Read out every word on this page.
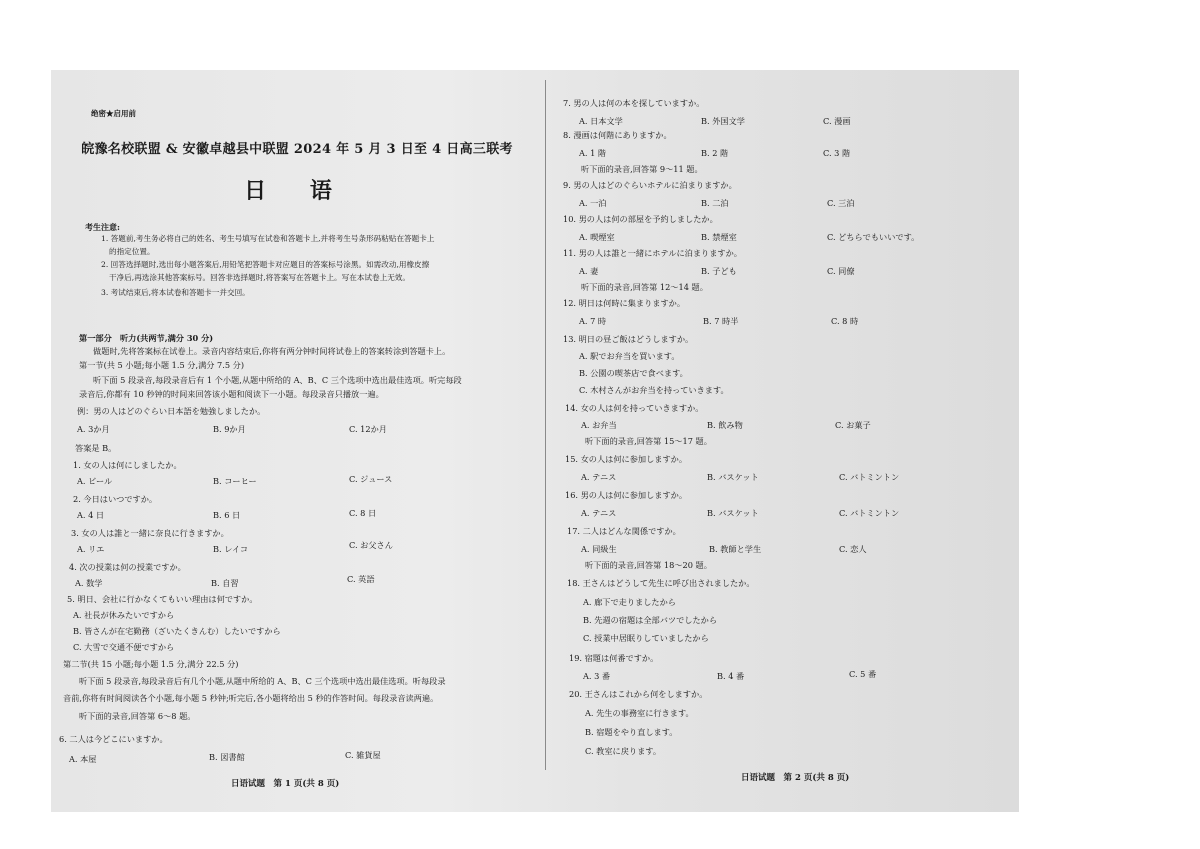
绝密★启用前
皖豫名校联盟 & 安徽卓越县中联盟 2024 年 5 月 3 日至 4 日高三联考
日 语
考生注意:
1. 答题前,考生务必将自己的姓名、考生号填写在试卷和答题卡上,并将考生号条形码粘贴在答题卡上
的指定位置。
2. 回答选择题时,选出每小题答案后,用铅笔把答题卡对应题目的答案标号涂黑。如需改动,用橡皮擦
干净后,再选涂其他答案标号。回答非选择题时,将答案写在答题卡上。写在本试卷上无效。
3. 考试结束后,将本试卷和答题卡一并交回。
第一部分　听力(共两节,满分 30 分)
做题时,先将答案标在试卷上。录音内容结束后,你将有两分钟时间将试卷上的答案转涂到答题卡上。
第一节(共 5 小题;每小题 1.5 分,满分 7.5 分)
听下面 5 段录音,每段录音后有 1 个小题,从题中所给的 A、B、C 三个选项中选出最佳选项。听完每段
录音后,你都有 10 秒钟的时间来回答该小题和阅读下一小题。每段录音只播放一遍。
例：男の人はどのぐらい日本語を勉強しましたか。
A. 3か月	B. 9か月	C. 12か月
答案是 B。
1. 女の人は何にしましたか。
A. ビール	B. コーヒー	C. ジュース
2. 今日はいつですか。
A. 4 日	B. 6 日	C. 8 日
3. 女の人は誰と一緒に奈良に行きますか。
A. リエ	B. レイコ	C. お父さん
4. 次の授業は何の授業ですか。
A. 数学	B. 自習	C. 英語
5. 明日、会社に行かなくてもいい理由は何ですか。
A. 社長が休みたいですから
B. 皆さんが在宅勤務（ざいたくきんむ）したいですから
C. 大雪で交通不便ですから
第二节(共 15 小题;每小题 1.5 分,满分 22.5 分)
听下面 5 段录音,每段录音后有几个小题,从题中所给的 A、B、C 三个选项中选出最佳选项。听每段录
音前,你将有时间阅读各个小题,每小题 5 秒钟;听完后,各小题将给出 5 秒的作答时间。每段录音读两遍。
听下面的录音,回答第 6～8 题。
6. 二人は今どこにいますか。
A. 本屋	B. 図書館	C. 雑貨屋
日语试题　第 1 页(共 8 页)
7. 男の人は何の本を探していますか。
A. 日本文学	B. 外国文学	C. 漫画
8. 漫画は何階にありますか。
A. 1 階	B. 2 階	C. 3 階
听下面的录音,回答第 9～11 题。
9. 男の人はどのぐらいホテルに泊まりますか。
A. 一泊	B. 二泊	C. 三泊
10. 男の人は何の部屋を予約しましたか。
A. 喫煙室	B. 禁煙室	C. どちらでもいいです。
11. 男の人は誰と一緒にホテルに泊まりますか。
A. 妻	B. 子ども	C. 同僚
听下面的录音,回答第 12～14 题。
12. 明日は何時に集まりますか。
A. 7 時	B. 7 時半	C. 8 時
13. 明日の昼ご飯はどうしますか。
A. 駅でお弁当を買います。
B. 公園の喫茶店で食べます。
C. 木村さんがお弁当を持っていきます。
14. 女の人は何を持っていきますか。
A. お弁当	B. 飲み物	C. お菓子
听下面的录音,回答第 15～17 题。
15. 女の人は何に参加しますか。
A. テニス	B. バスケット	C. バトミントン
16. 男の人は何に参加しますか。
A. テニス	B. バスケット	C. バトミントン
17. 二人はどんな関係ですか。
A. 同級生	B. 教師と学生	C. 恋人
听下面的录音,回答第 18～20 题。
18. 王さんはどうして先生に呼び出されましたか。
A. 廊下で走りましたから
B. 先週の宿題は全部バツでしたから
C. 授業中居眠りしていましたから
19. 宿題は何番ですか。
A. 3 番	B. 4 番	C. 5 番
20. 王さんはこれから何をしますか。
A. 先生の事務室に行きます。
B. 宿題をやり直します。
C. 教室に戻ります。
日语试题　第 2 页(共 8 页)
